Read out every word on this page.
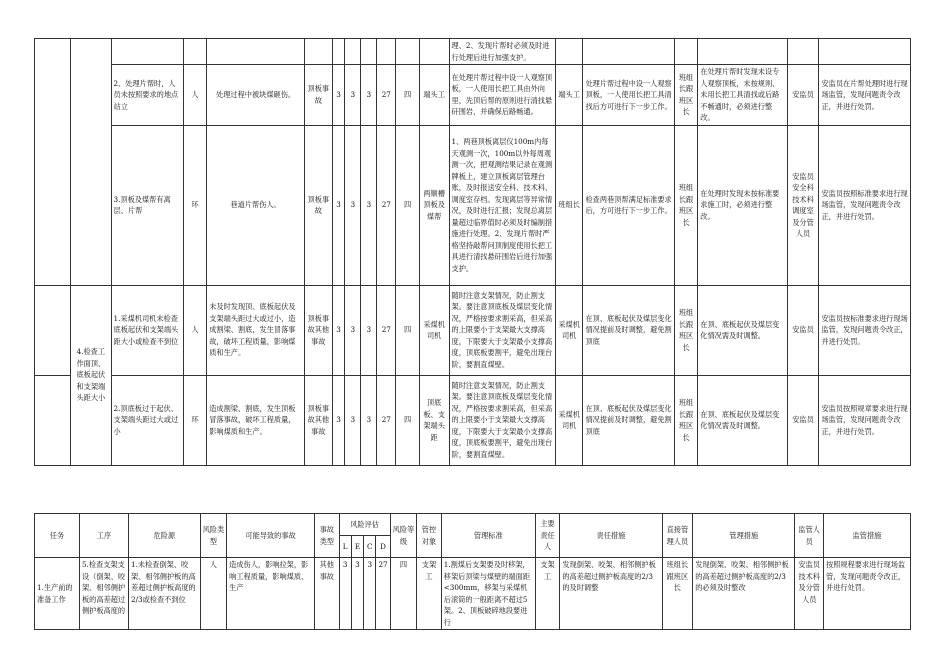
												理、2、发现片帮时必须及时进行处理后进行加强支护。						
		2、处理片帮时，人员未按照要求的地点站立	人	处理过程中被块煤砸伤。	顶板事故	3	3	3	27	四	端头工	在处理片帮过程中设一人观察顶板，一人使用长把工具由外向里，先顶后帮的原则进行清找悬矸围岩，并确保后路畅通。	端头工	处理片帮过程中设一人观察顶板，一人使用长把工具清找后方可进行下一步工作。	班组长跟班区长	在处理片帮时发现未设专人观察顶板，未按规则、未用长把工具清找或后路不畅通时，必须进行整改。	安监员	安监员在片帮处理时进行现场监管，发现问题责令改正，并进行处罚。
		3.顶板及煤帮有离层、片帮	环	巷道片帮伤人。	顶板事故	3	3	3	27	四	两顺槽顶板及煤帮	1、两巷顶板离层仪100m内每天观测一次，100m以外每周观测一次，把观测结果记录在观测牌板上，建立顶板离层管理台账，及时报送安全科、技术科、调度室存档。发现离层等异常情况，及时进行汇报；发现总离层量超过临界值时必须及时编制措施进行处理。2、发现片帮时严格坚持敲帮问顶制度使用长把工具进行清找悬矸围岩后进行加强支护。	班组长	检查两巷顶帮满足标准要求后，方可进行下一步工作。	班组长跟班区长	在处理时发现未按标准要求施工时，必须进行整改。	安监员安全科技术科调度室及分管人员	安监员按照标准要求进行现场监管，发现问题责令改正，并进行处罚。
	4.检查工作面顶、底板起伏和支架端头距大小	1.采煤机司机未检查底板起伏和支架端头距大小或检查不到位	人	未及时发现顶、底板起伏及支架端头距过大或过小，造成割梁、割底，发生冒落事故，破坏工程质量，影响煤质和生产。	顶板事故其他事故	3	3	3	27	四	采煤机司机	随时注意支架情况，防止割支架。要注意顶底板及煤层变化情况，严格按要求割采高，但采高的上限要小于支架最大支撑高度，下限要大于支架最小支撑高度，顶底板要割平，避免出现台阶，要割直煤壁。	采煤机司机	在顶、底板起伏及煤层变化情况提前及时调整，避免割顶底	班组长跟班区长	在顶、底板起伏及煤层变化情况需及时调整。	安监员	安监员按标准要求进行现场监管，发现问题责令改正，并进行处罚。
		2.顶底板过于起伏、支架端头距过大或过小	环	造成割梁、割底，发生顶板冒落事故，破坏工程质量，影响煤质和生产。	顶板事故其他事故	3	3	3	27	四	顶底板、支架端头距	随时注意支架情况，防止割支架。要注意顶底板及煤层变化情况，严格按要求割采高，但采高的上限要小于支架最大支撑高度，下限要大于支架最小支撑高度，顶底板要割平，避免出现台阶，要割直煤壁。	采煤机司机	在顶、底板起伏及煤层变化情况提前及时调整，避免割顶底	班组长跟班区长	在顶、底板起伏及煤层变化情况需及时调整。	安监员	安监员按照规章要求进行现场监管，发现问题责令改正，并进行处罚。
任务	工序	危险源	风险类型	可能导致的事故	事故类型	风险评估				风险等级	管控对象	管理标准	主要责任人	责任措施	直接管理人员	管理措施	监管人员	监管措施
						L	E	C	D									
1.生产前的准备工作	5.检查支架支设（倒架、咬架、相邻侧护板的高差超过侧护板高度的	1.未检查倒架、咬架、相邻侧护板的高差超过侧护板高度的2/3或检查不到位	人	造成伤人，影响拉架，影响工程质量，影响煤质、生产	其他事故	3	3	3	27	四	支架工	1.割煤后支架要及时移架，移架后顶梁与煤壁的端面距<300mm，移架与采煤机后滚筒的一般距离不超过5架。2、顶板破碎地段要进行	支架工	发现倒架、咬架、相邻侧护板的高差超过侧护板高度的2/3的及时调整	班组长跟班区长	发现倒架、咬架、相邻侧护板的高差超过侧护板高度的2/3的必须及时整改	安监员技术科及分管人员	按照规程要求进行现场监管，发现问题责令改正，并进行处罚。
